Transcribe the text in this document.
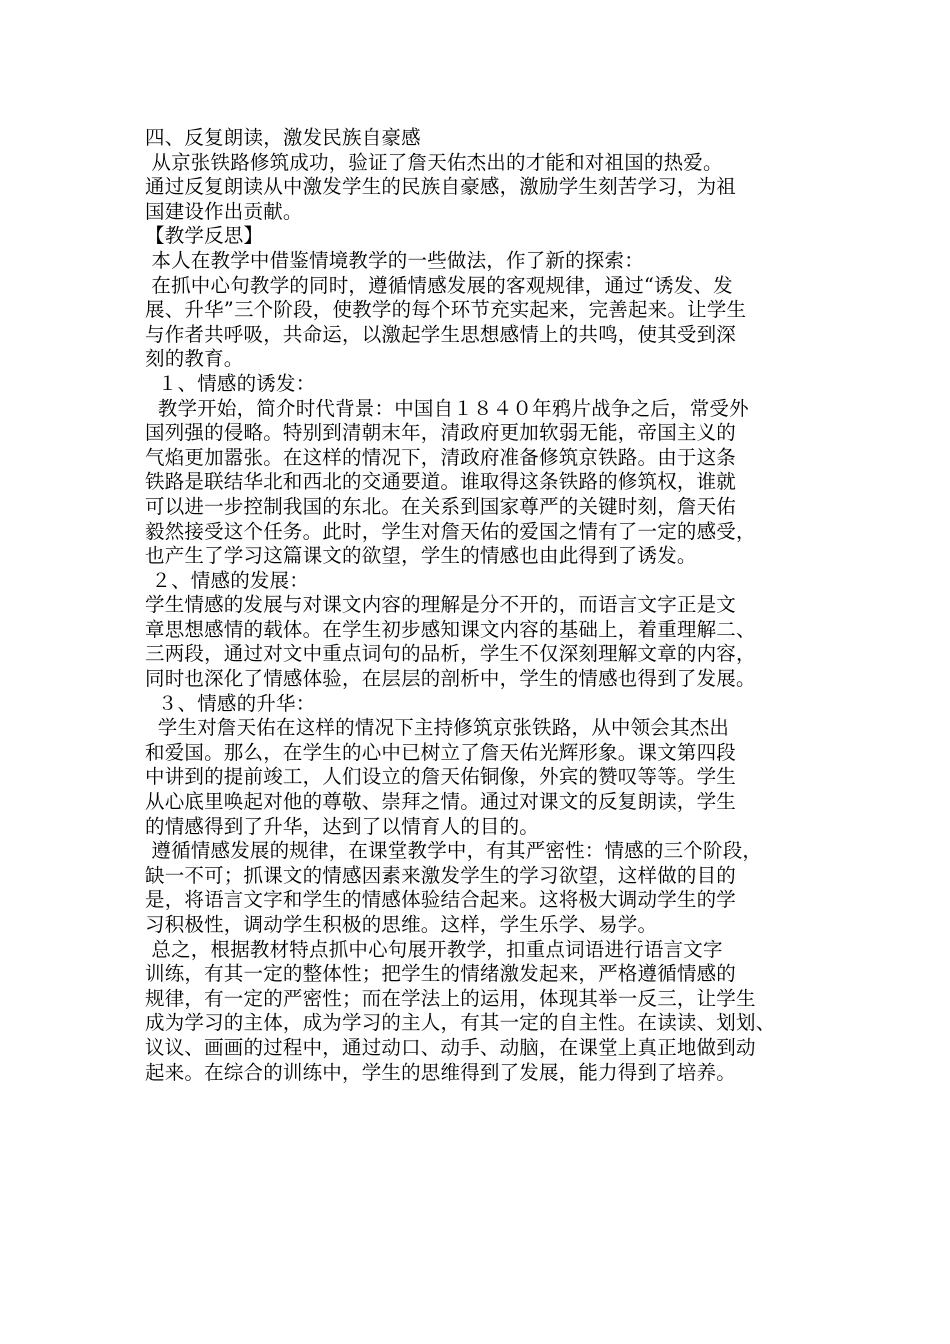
四、反复朗读，激发民族自豪感
从京张铁路修筑成功，验证了詹天佑杰出的才能和对祖国的热爱。
通过反复朗读从中激发学生的民族自豪感，激励学生刻苦学习，为祖
国建设作出贡献。
【教学反思】
本人在教学中借鉴情境教学的一些做法，作了新的探索：
在抓中心句教学的同时，遵循情感发展的客观规律，通过“诱发、发
展、升华”三个阶段，使教学的每个环节充实起来，完善起来。让学生
与作者共呼吸，共命运，以激起学生思想感情上的共鸣，使其受到深
刻的教育。
１、情感的诱发：
教学开始，简介时代背景：中国自１８４０年鸦片战争之后，常受外
国列强的侵略。特别到清朝末年，清政府更加软弱无能，帝国主义的
气焰更加嚣张。在这样的情况下，清政府准备修筑京铁路。由于这条
铁路是联结华北和西北的交通要道。谁取得这条铁路的修筑权，谁就
可以进一步控制我国的东北。在关系到国家尊严的关键时刻，詹天佑
毅然接受这个任务。此时，学生对詹天佑的爱国之情有了一定的感受，
也产生了学习这篇课文的欲望，学生的情感也由此得到了诱发。
２、情感的发展：
学生情感的发展与对课文内容的理解是分不开的，而语言文字正是文
章思想感情的载体。在学生初步感知课文内容的基础上，着重理解二、
三两段，通过对文中重点词句的品析，学生不仅深刻理解文章的内容，
同时也深化了情感体验，在层层的剖析中，学生的情感也得到了发展。
３、情感的升华：
学生对詹天佑在这样的情况下主持修筑京张铁路，从中领会其杰出
和爱国。那么，在学生的心中已树立了詹天佑光辉形象。课文第四段
中讲到的提前竣工，人们设立的詹天佑铜像，外宾的赞叹等等。学生
从心底里唤起对他的尊敬、崇拜之情。通过对课文的反复朗读，学生
的情感得到了升华，达到了以情育人的目的。
遵循情感发展的规律，在课堂教学中，有其严密性：情感的三个阶段，
缺一不可；抓课文的情感因素来激发学生的学习欲望，这样做的目的
是，将语言文字和学生的情感体验结合起来。这将极大调动学生的学
习积极性，调动学生积极的思维。这样，学生乐学、易学。
总之，根据教材特点抓中心句展开教学，扣重点词语进行语言文字
训练，有其一定的整体性；把学生的情绪激发起来，严格遵循情感的
规律，有一定的严密性；而在学法上的运用，体现其举一反三，让学生
成为学习的主体，成为学习的主人，有其一定的自主性。在读读、划划、
议议、画画的过程中，通过动口、动手、动脑，在课堂上真正地做到动
起来。在综合的训练中，学生的思维得到了发展，能力得到了培养。
